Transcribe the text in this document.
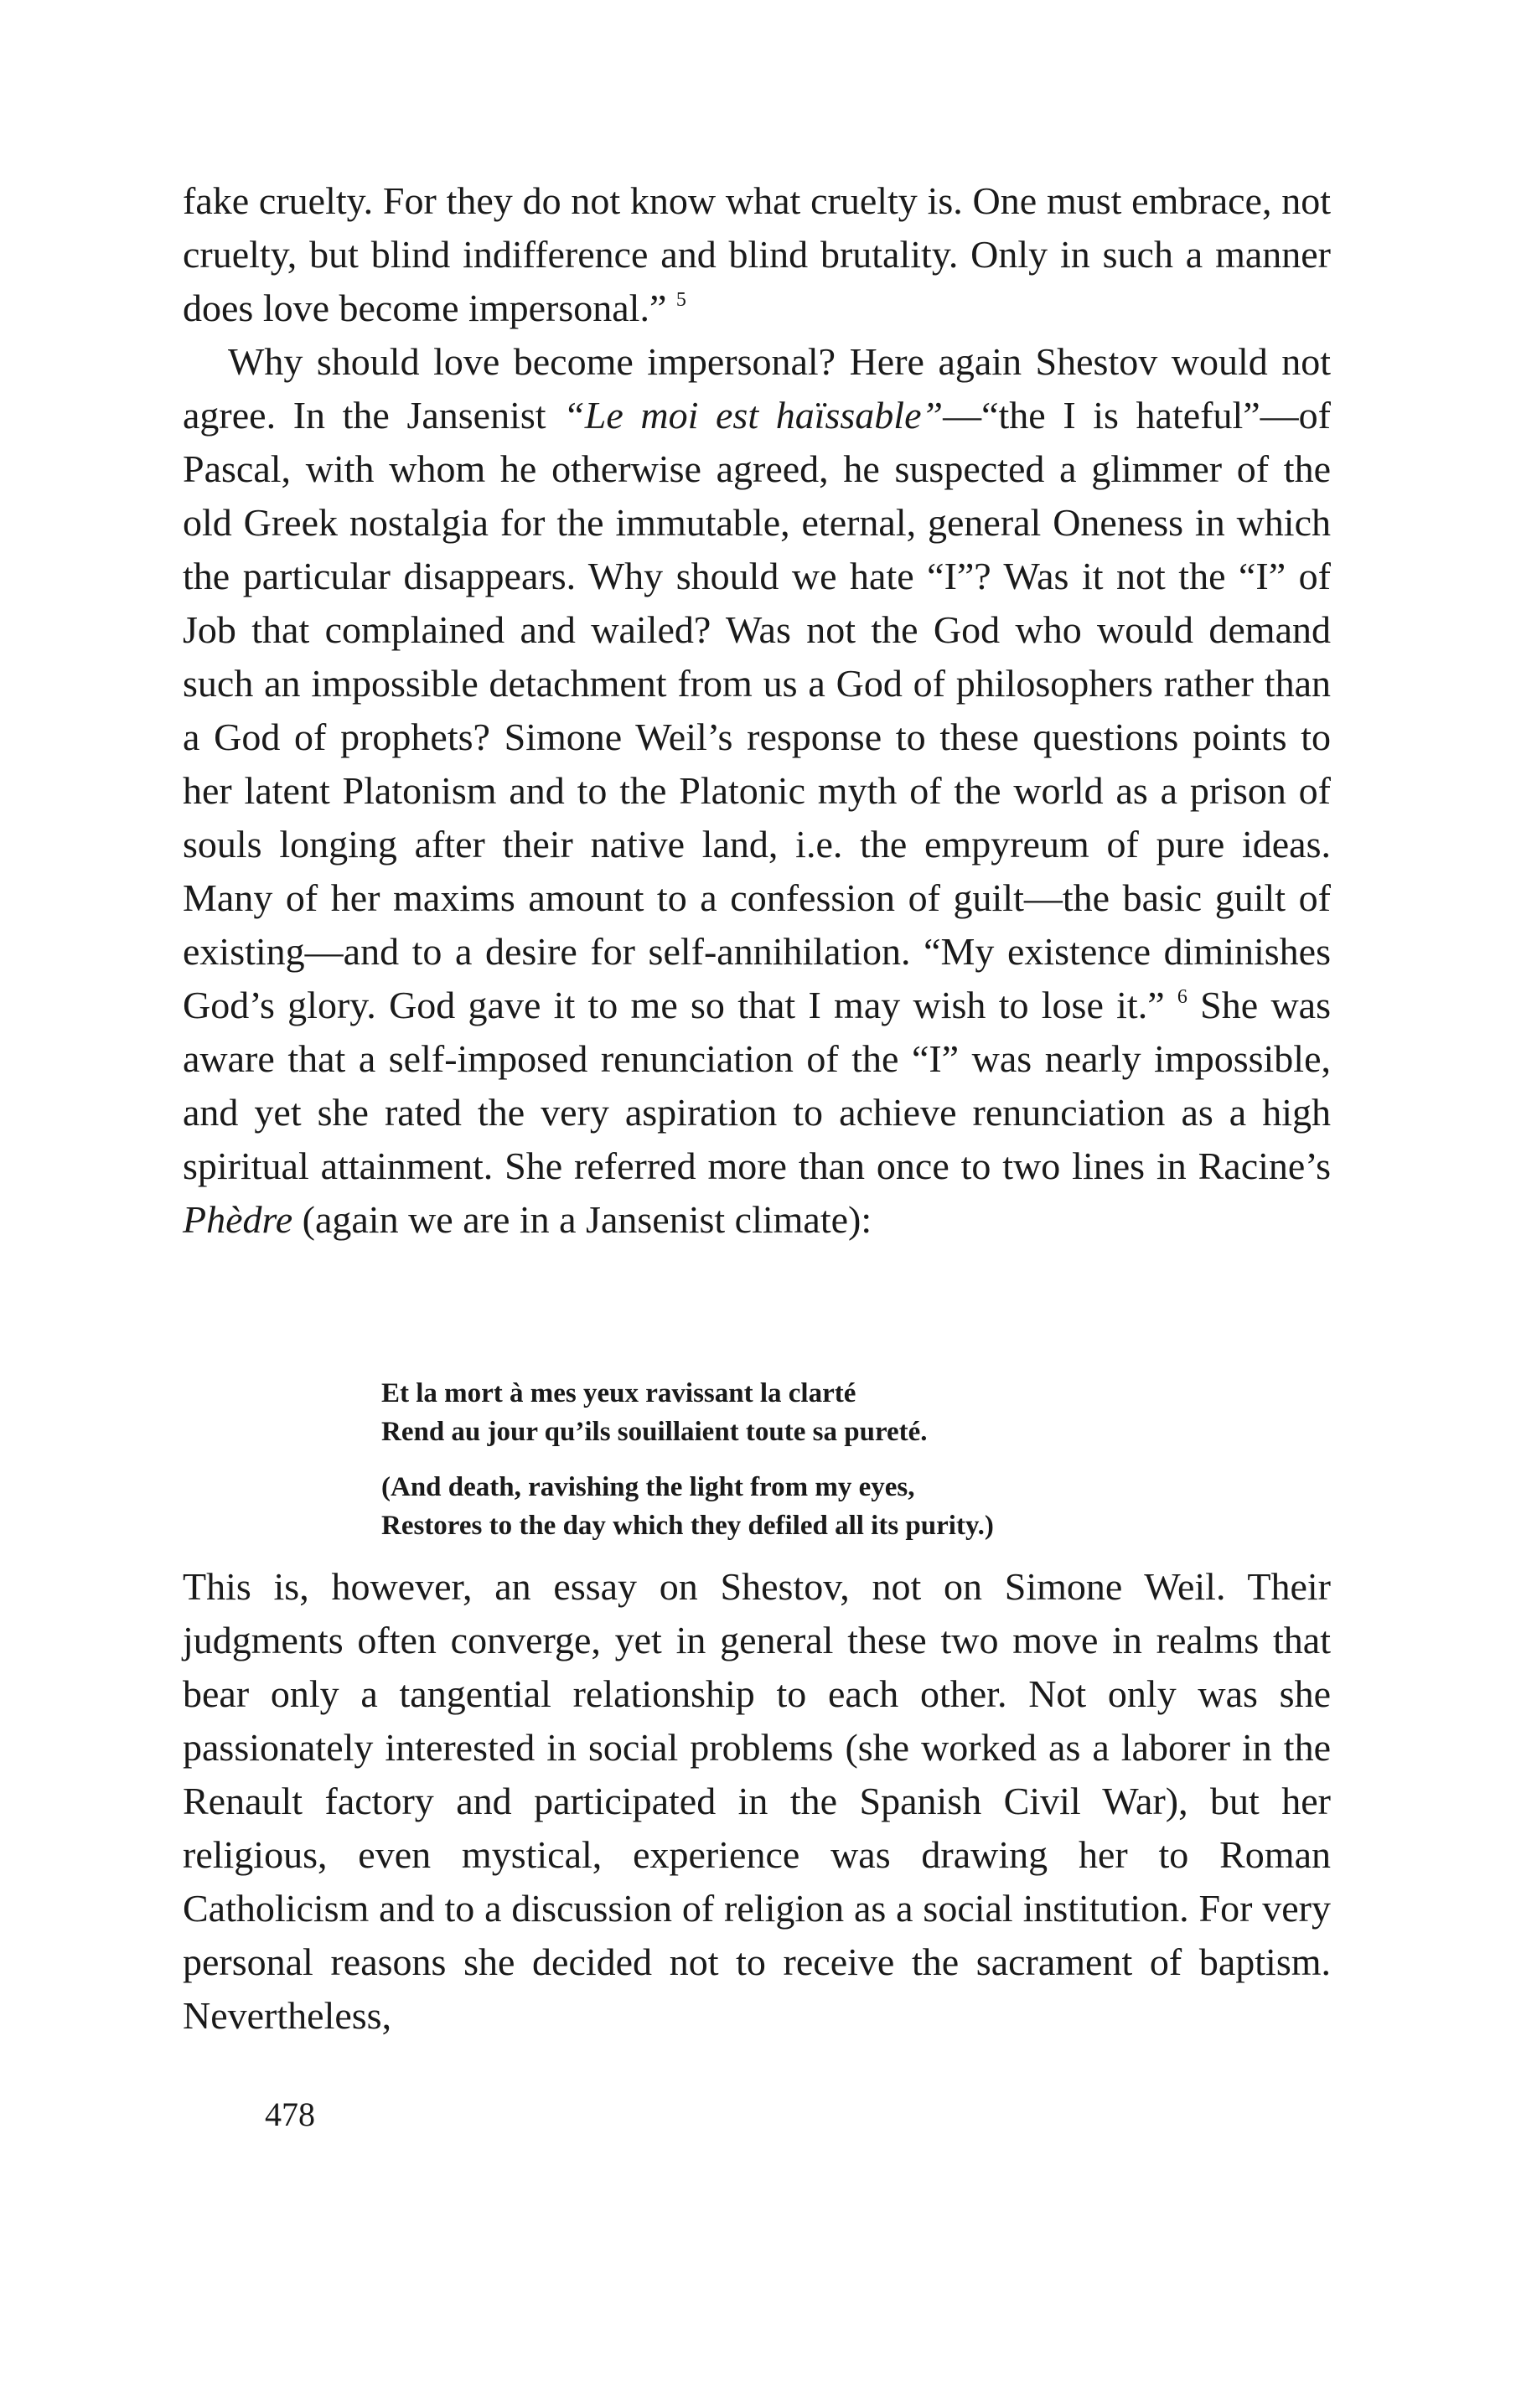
fake cruelty. For they do not know what cruelty is. One must embrace, not cruelty, but blind indifference and blind brutality. Only in such a manner does love become impersonal.” $^5$

Why should love become impersonal? Here again Shestov would not agree. In the Jansenist “Le moi est haïssable”—“the I is hateful”—of Pascal, with whom he otherwise agreed, he suspected a glimmer of the old Greek nostalgia for the immutable, eternal, general Oneness in which the particular disappears. Why should we hate “I”? Was it not the “I” of Job that complained and wailed? Was not the God who would demand such an impossible detachment from us a God of philosophers rather than a God of prophets? Simone Weil’s response to these questions points to her latent Platonism and to the Platonic myth of the world as a prison of souls longing after their native land, i.e. the empyreum of pure ideas. Many of her maxims amount to a confession of guilt—the basic guilt of existing—and to a desire for self-annihilation. “My existence diminishes God’s glory. God gave it to me so that I may wish to lose it.” $^6$ She was aware that a self-imposed renunciation of the “I” was nearly impossible, and yet she rated the very aspiration to achieve renunciation as a high spiritual attainment. She referred more than once to two lines in Racine’s Phèdre (again we are in a Jansenist climate):

Et la mort à mes yeux ravissant la clarté
Rend au jour qu’ils souillaient toute sa pureté.
(And death, ravishing the light from my eyes,
Restores to the day which they defiled all its purity.)

This is, however, an essay on Shestov, not on Simone Weil. Their judgments often converge, yet in general these two move in realms that bear only a tangential relationship to each other. Not only was she passionately interested in social problems (she worked as a laborer in the Renault factory and participated in the Spanish Civil War), but her religious, even mystical, experience was drawing her to Roman Catholicism and to a discussion of religion as a social institution. For very personal reasons she decided not to receive the sacrament of baptism. Nevertheless,

478
